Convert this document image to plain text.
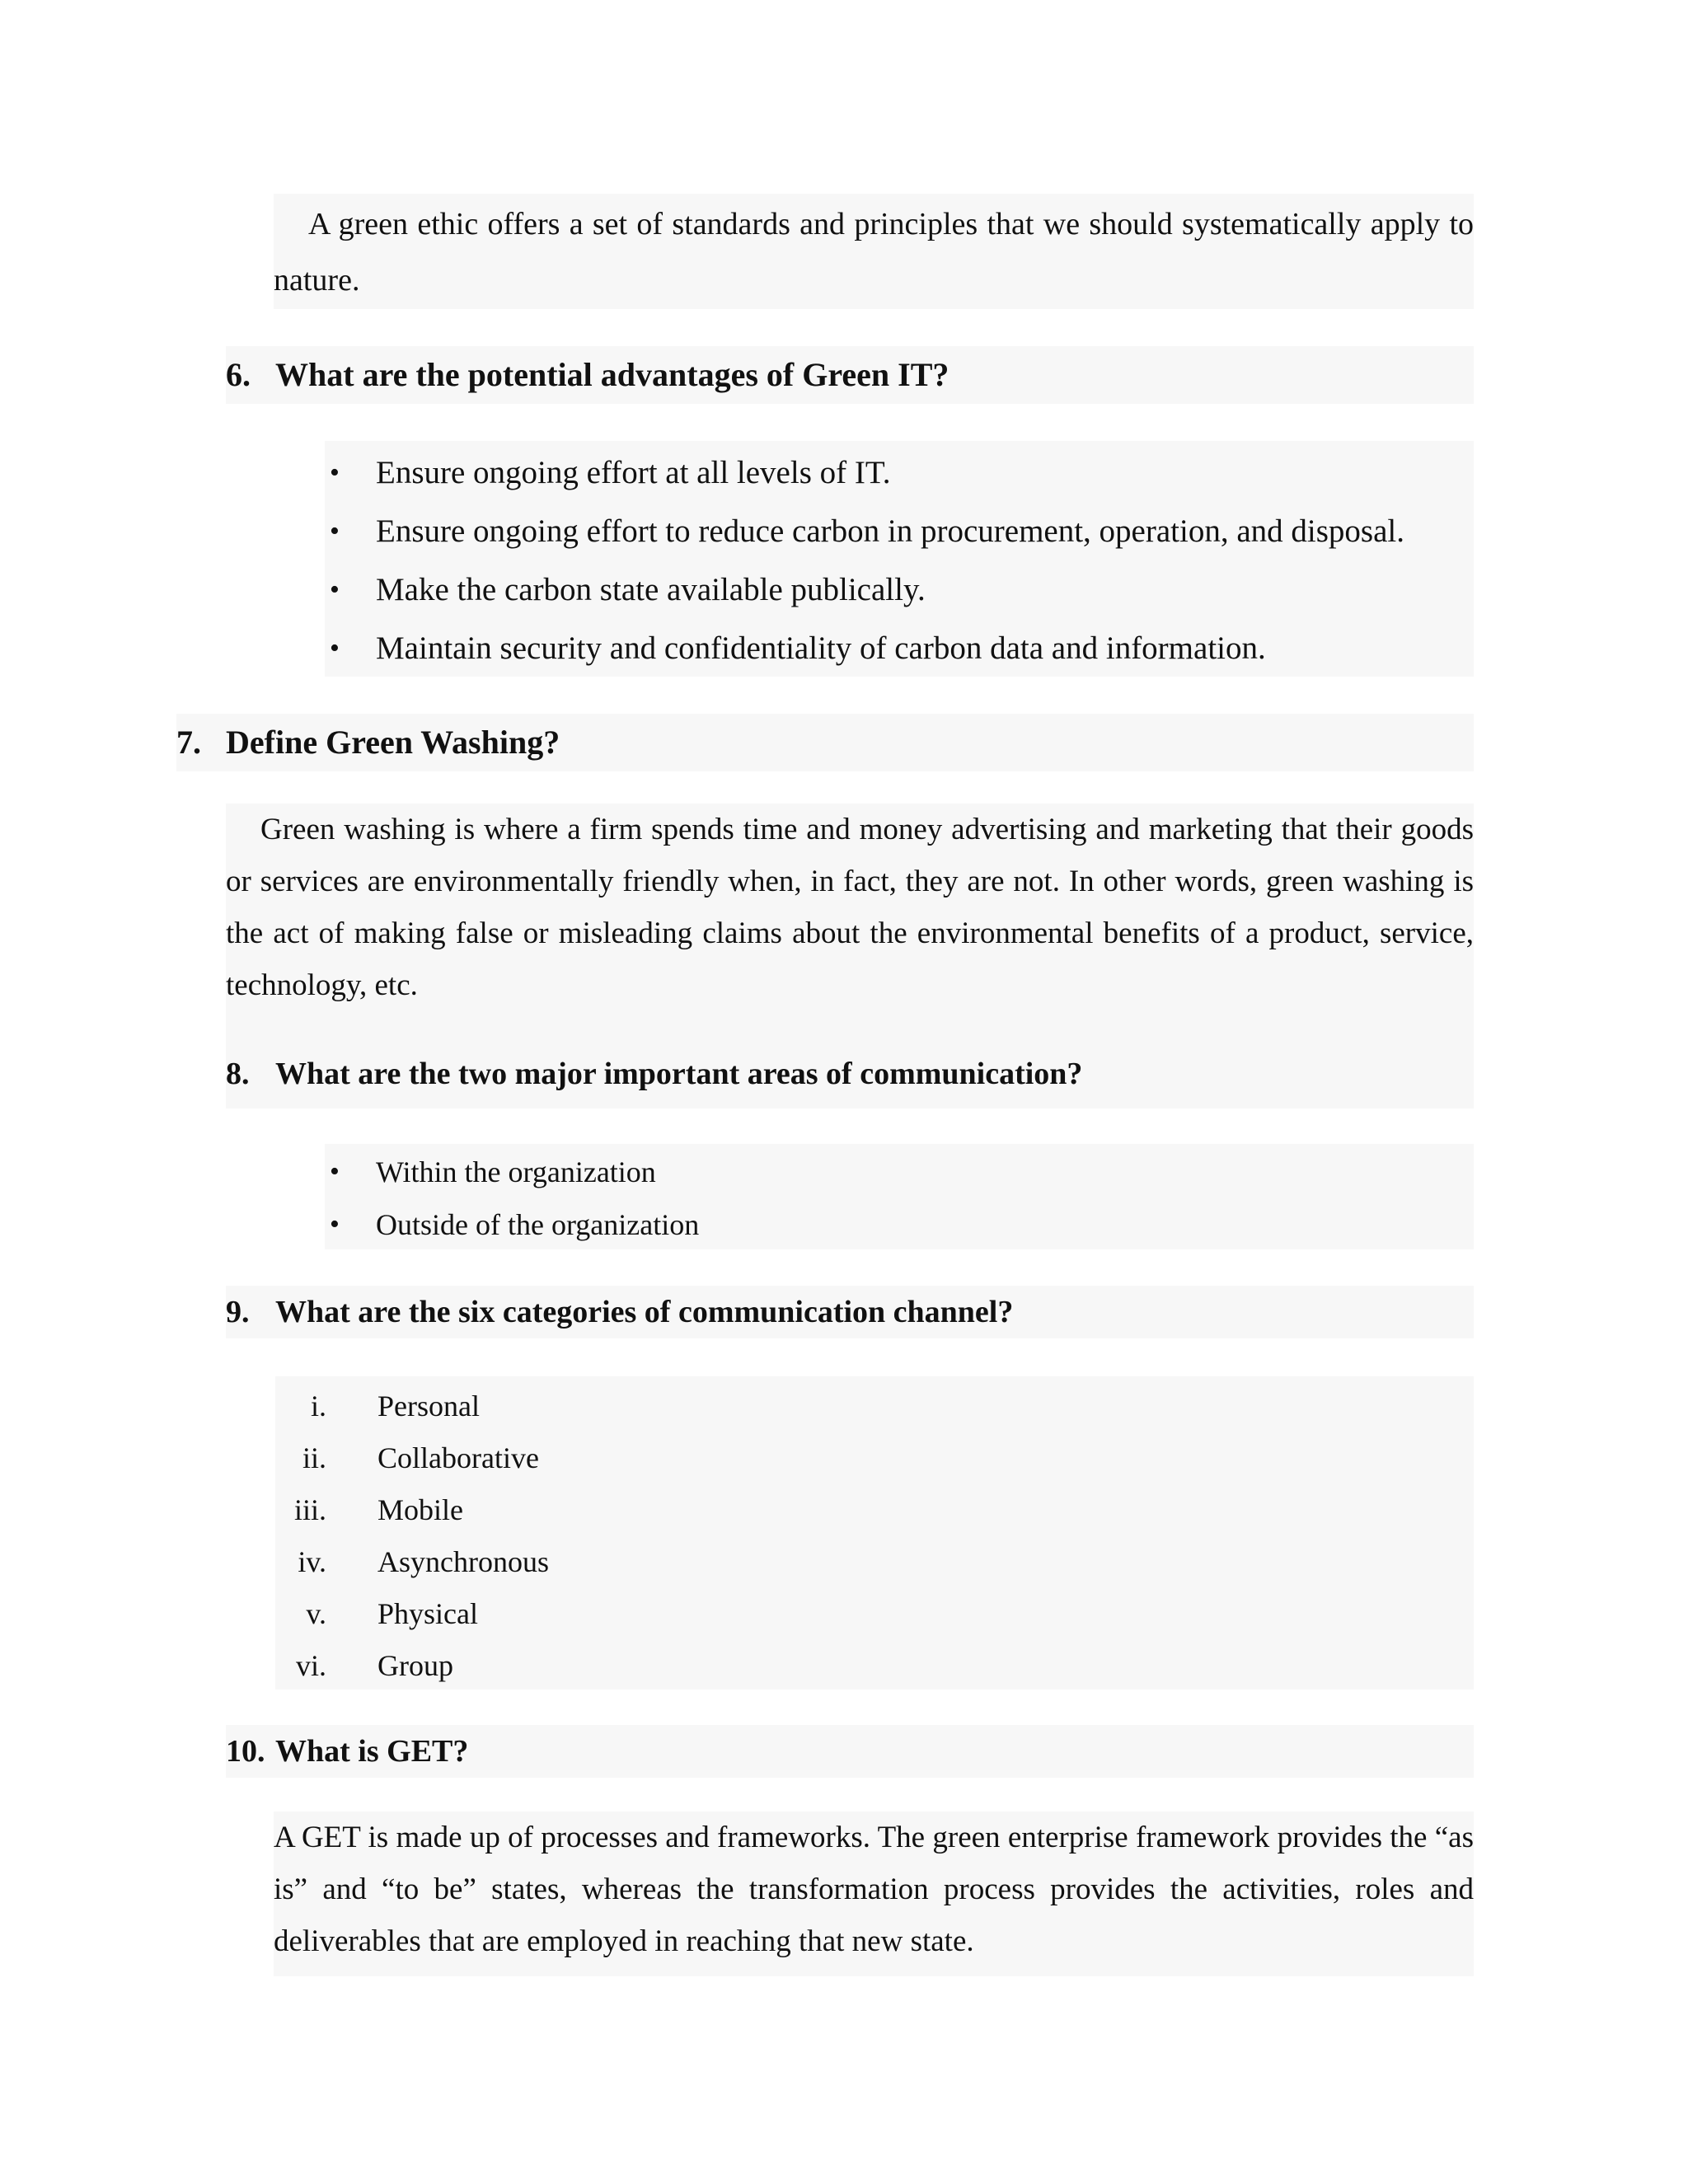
A green ethic offers a set of standards and principles that we should systematically apply to nature.

6. What are the potential advantages of Green IT?
•	Ensure ongoing effort at all levels of IT.
•	Ensure ongoing effort to reduce carbon in procurement, operation, and disposal.
•	Make the carbon state available publically.
•	Maintain security and confidentiality of carbon data and information.
7. Define Green Washing?

Green washing is where a firm spends time and money advertising and marketing that their goods or services are environmentally friendly when, in fact, they are not. In other words, green washing is the act of making false or misleading claims about the environmental benefits of a product, service, technology, etc.

8. What are the two major important areas of communication?
•	Within the organization
•	Outside of the organization
9. What are the six categories of communication channel?
i. Personal
ii. Collaborative
iii. Mobile
iv. Asynchronous
v. Physical
vi. Group
10. What is GET?

A GET is made up of processes and frameworks. The green enterprise framework provides the “as is” and “to be” states, whereas the transformation process provides the activities, roles and deliverables that are employed in reaching that new state.
